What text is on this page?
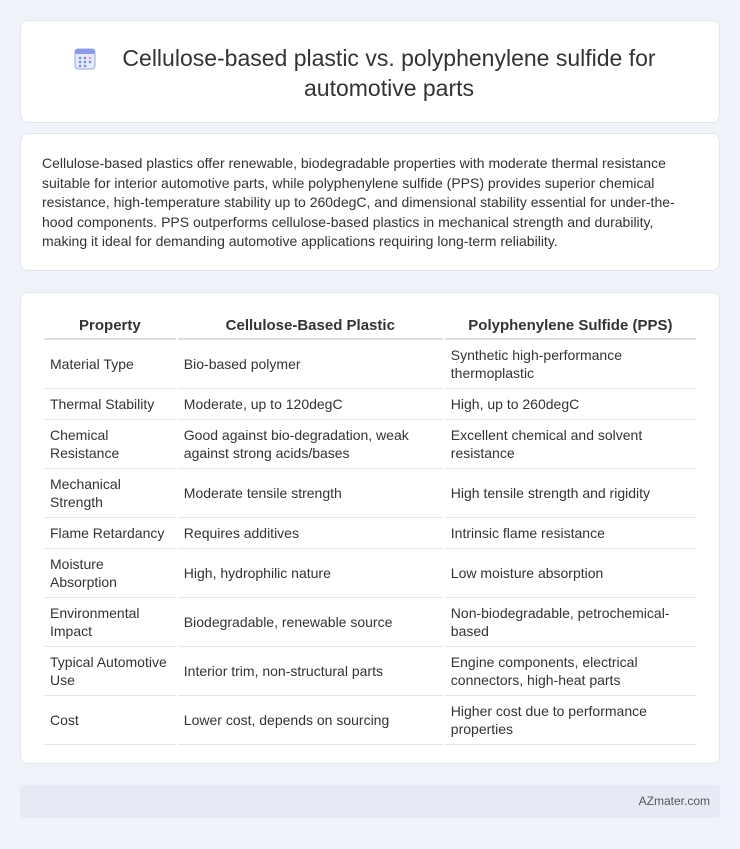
Cellulose-based plastic vs. polyphenylene sulfide for automotive parts

Cellulose-based plastics offer renewable, biodegradable properties with moderate thermal resistance suitable for interior automotive parts, while polyphenylene sulfide (PPS) provides superior chemical resistance, high-temperature stability up to 260degC, and dimensional stability essential for under-the-hood components. PPS outperforms cellulose-based plastics in mechanical strength and durability, making it ideal for demanding automotive applications requiring long-term reliability.

Property	Cellulose-Based Plastic	Polyphenylene Sulfide (PPS)
Material Type	Bio-based polymer	Synthetic high-performance thermoplastic
Thermal Stability	Moderate, up to 120degC	High, up to 260degC
Chemical Resistance	Good against bio-degradation, weak against strong acids/bases	Excellent chemical and solvent resistance
Mechanical Strength	Moderate tensile strength	High tensile strength and rigidity
Flame Retardancy	Requires additives	Intrinsic flame resistance
Moisture Absorption	High, hydrophilic nature	Low moisture absorption
Environmental Impact	Biodegradable, renewable source	Non-biodegradable, petrochemical-based
Typical Automotive Use	Interior trim, non-structural parts	Engine components, electrical connectors, high-heat parts
Cost	Lower cost, depends on sourcing	Higher cost due to performance properties
AZmater.com
